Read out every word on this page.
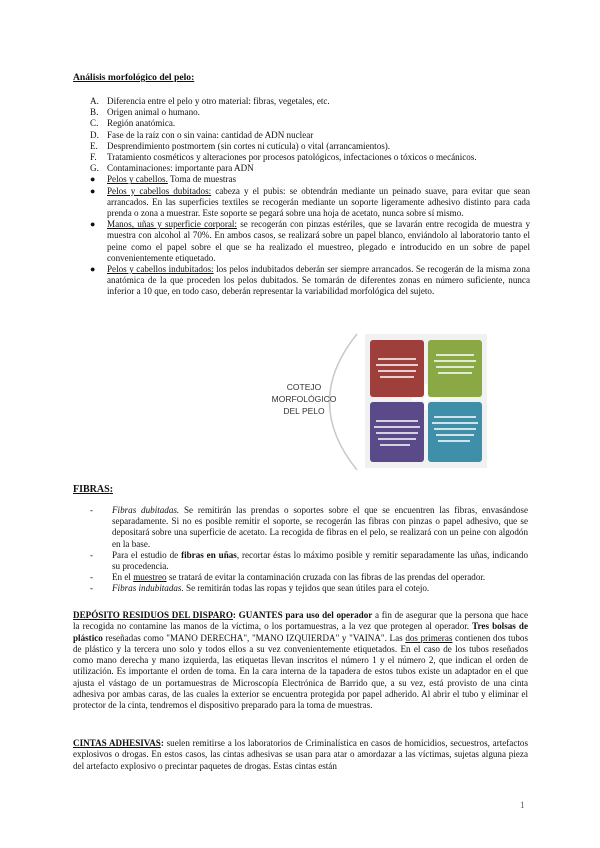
Análisis morfológico del pelo:
A. Diferencia entre el pelo y otro material: fibras, vegetales, etc.
B. Origen animal o humano.
C. Región anatómica.
D. Fase de la raíz con o sin vaina: cantidad de ADN nuclear
E. Desprendimiento postmortem (sin cortes ni cutícula) o vital (arrancamientos).
F. Tratamiento cosméticos y alteraciones por procesos patológicos, infectaciones o tóxicos o mecánicos.
G. Contaminaciones: importante para ADN
● Pelos y cabellos. Toma de muestras
● Pelos y cabellos dubitados: cabeza y el pubis: se obtendrán mediante un peinado suave, para evitar que sean arrancados. En las superficies textiles se recogerán mediante un soporte ligeramente adhesivo distinto para cada prenda o zona a muestrar. Este soporte se pegará sobre una hoja de acetato, nunca sobre sí mismo.
● Manos, uñas y superficie corporal: se recogerán con pinzas estériles, que se lavarán entre recogida de muestra y muestra con alcohol al 70%. En ambos casos, se realizará sobre un papel blanco, enviándolo al laboratorio tanto el peine como el papel sobre el que se ha realizado el muestreo, plegado e introducido en un sobre de papel convenientemente etiquetado.
● Pelos y cabellos indubitados: los pelos indubitados deberán ser siempre arrancados. Se recogerán de la misma zona anatómica de la que proceden los pelos dubitados. Se tomarán de diferentes zonas en número suficiente, nunca inferior a 10 que, en todo caso, deberán representar la variabilidad morfológica del sujeto.
COTEJO
MORFOLÓGICO
DEL PELO
FIBRAS:
- Fibras dubitadas. Se remitirán las prendas o soportes sobre el que se encuentren las fibras, envasándose separadamente. Si no es posible remitir el soporte, se recogerán las fibras con pinzas o papel adhesivo, que se depositará sobre una superficie de acetato. La recogida de fibras en el pelo, se realizará con un peine con algodón en la base.
- Para el estudio de fibras en uñas, recortar éstas lo máximo posible y remitir separadamente las uñas, indicando su procedencia.
- En el muestreo se tratará de evitar la contaminación cruzada con las fibras de las prendas del operador.
- Fibras indubitadas. Se remitirán todas las ropas y tejidos que sean útiles para el cotejo.
DEPÓSITO RESIDUOS DEL DISPARO: GUANTES para uso del operador a fin de asegurar que la persona que hace la recogida no contamine las manos de la víctima, o los portamuestras, a la vez que protegen al operador. Tres bolsas de plástico reseñadas como "MANO DERECHA", "MANO IZQUIERDA" y "VAINA". Las dos primeras contienen dos tubos de plástico y la tercera uno solo y todos ellos a su vez convenientemente etiquetados. En el caso de los tubos reseñados como mano derecha y mano izquierda, las etiquetas llevan inscritos el número 1 y el número 2, que indican el orden de utilización. Es importante el orden de toma. En la cara interna de la tapadera de estos tubos existe un adaptador en el que ajusta el vástago de un portamuestras de Microscopía Electrónica de Barrido que, a su vez, está provisto de una cinta adhesiva por ambas caras, de las cuales la exterior se encuentra protegida por papel adherido. Al abrir el tubo y eliminar el protector de la cinta, tendremos el dispositivo preparado para la toma de muestras.
CINTAS ADHESIVAS: suelen remitirse a los laboratorios de Criminalística en casos de homicidios, secuestros, artefactos explosivos o drogas. En estos casos, las cintas adhesivas se usan para atar o amordazar a las víctimas, sujetas alguna pieza del artefacto explosivo o precintar paquetes de drogas. Estas cintas están
1
